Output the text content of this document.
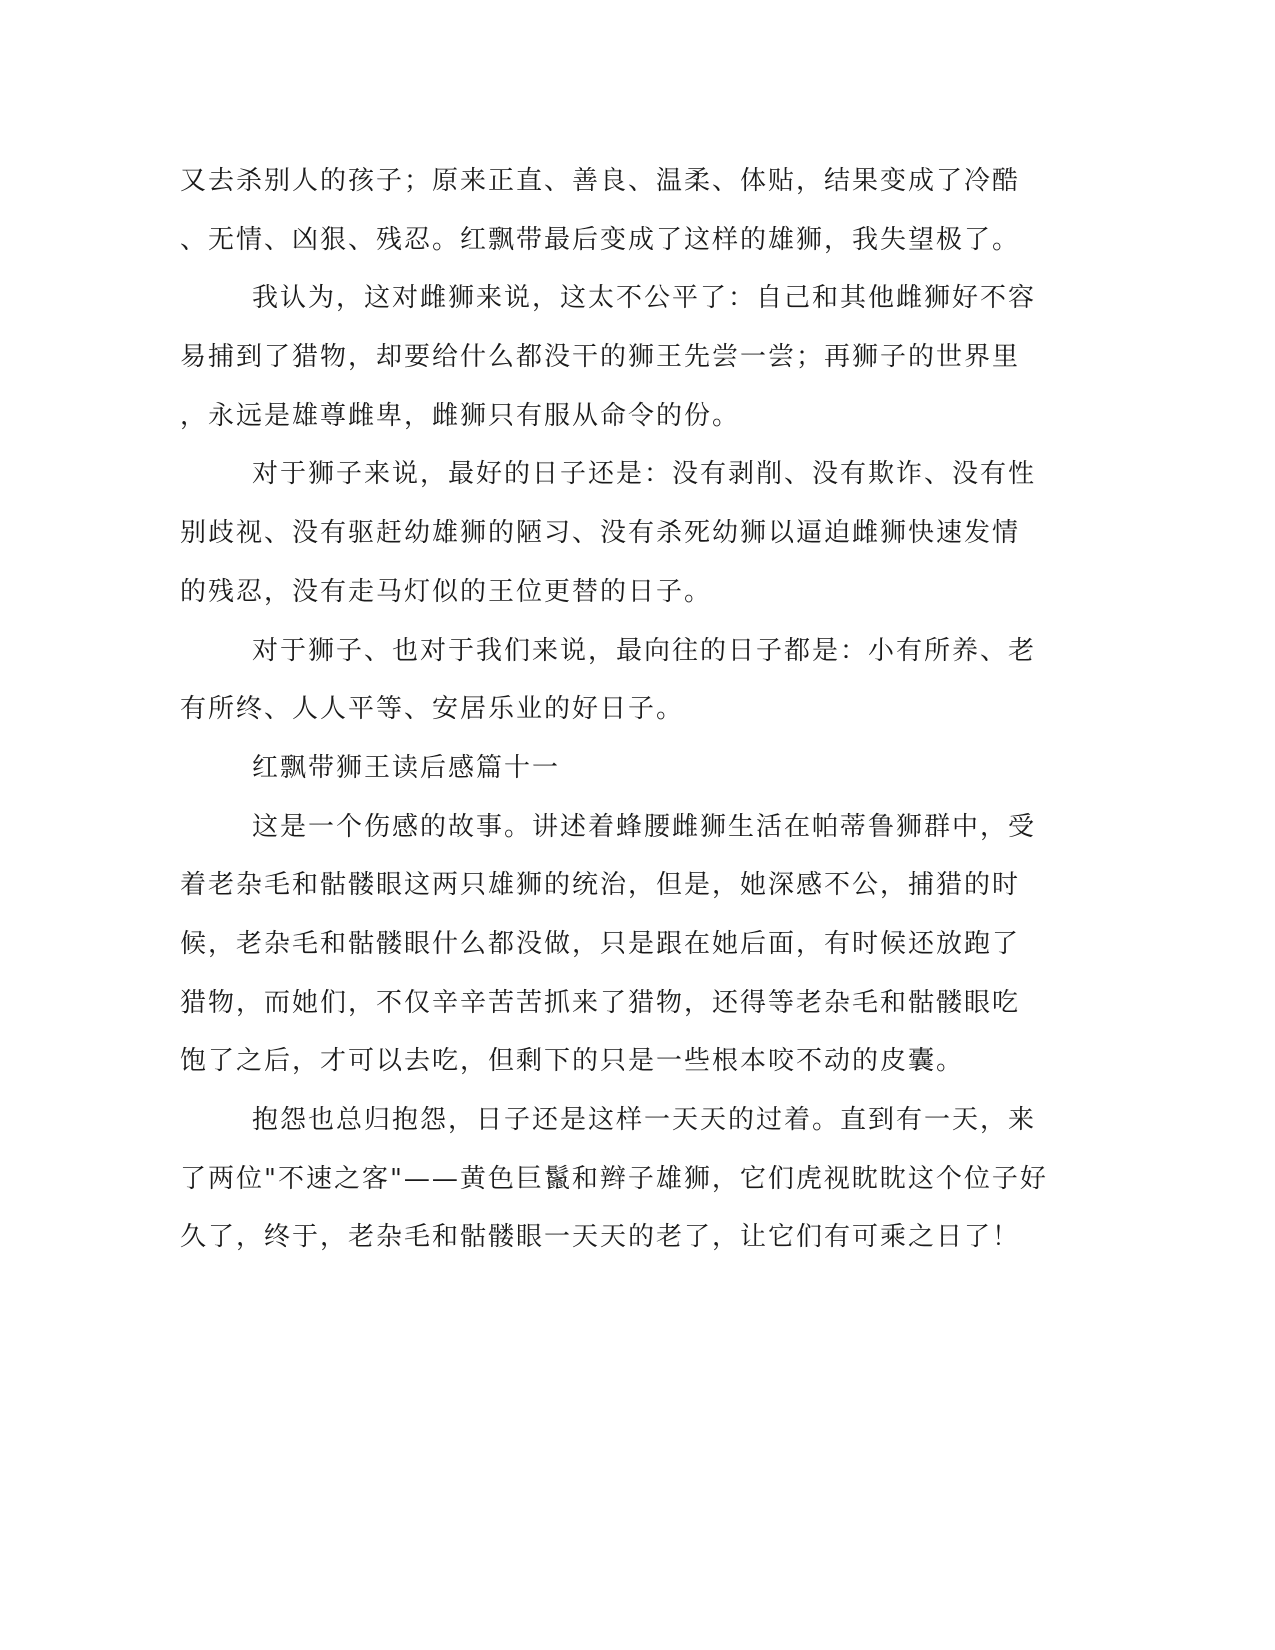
又去杀别人的孩子；原来正直、善良、温柔、体贴，结果变成了冷酷
、无情、凶狠、残忍。红飘带最后变成了这样的雄狮，我失望极了。
我认为，这对雌狮来说，这太不公平了：自己和其他雌狮好不容
易捕到了猎物，却要给什么都没干的狮王先尝一尝；再狮子的世界里
，永远是雄尊雌卑，雌狮只有服从命令的份。
对于狮子来说，最好的日子还是：没有剥削、没有欺诈、没有性
别歧视、没有驱赶幼雄狮的陋习、没有杀死幼狮以逼迫雌狮快速发情
的残忍，没有走马灯似的王位更替的日子。
对于狮子、也对于我们来说，最向往的日子都是：小有所养、老
有所终、人人平等、安居乐业的好日子。
红飘带狮王读后感篇十一
这是一个伤感的故事。讲述着蜂腰雌狮生活在帕蒂鲁狮群中，受
着老杂毛和骷髅眼这两只雄狮的统治，但是，她深感不公，捕猎的时
候，老杂毛和骷髅眼什么都没做，只是跟在她后面，有时候还放跑了
猎物，而她们，不仅辛辛苦苦抓来了猎物，还得等老杂毛和骷髅眼吃
饱了之后，才可以去吃，但剩下的只是一些根本咬不动的皮囊。
抱怨也总归抱怨，日子还是这样一天天的过着。直到有一天，来
了两位"不速之客"——黄色巨鬣和辫子雄狮，它们虎视眈眈这个位子好
久了，终于，老杂毛和骷髅眼一天天的老了，让它们有可乘之日了！
